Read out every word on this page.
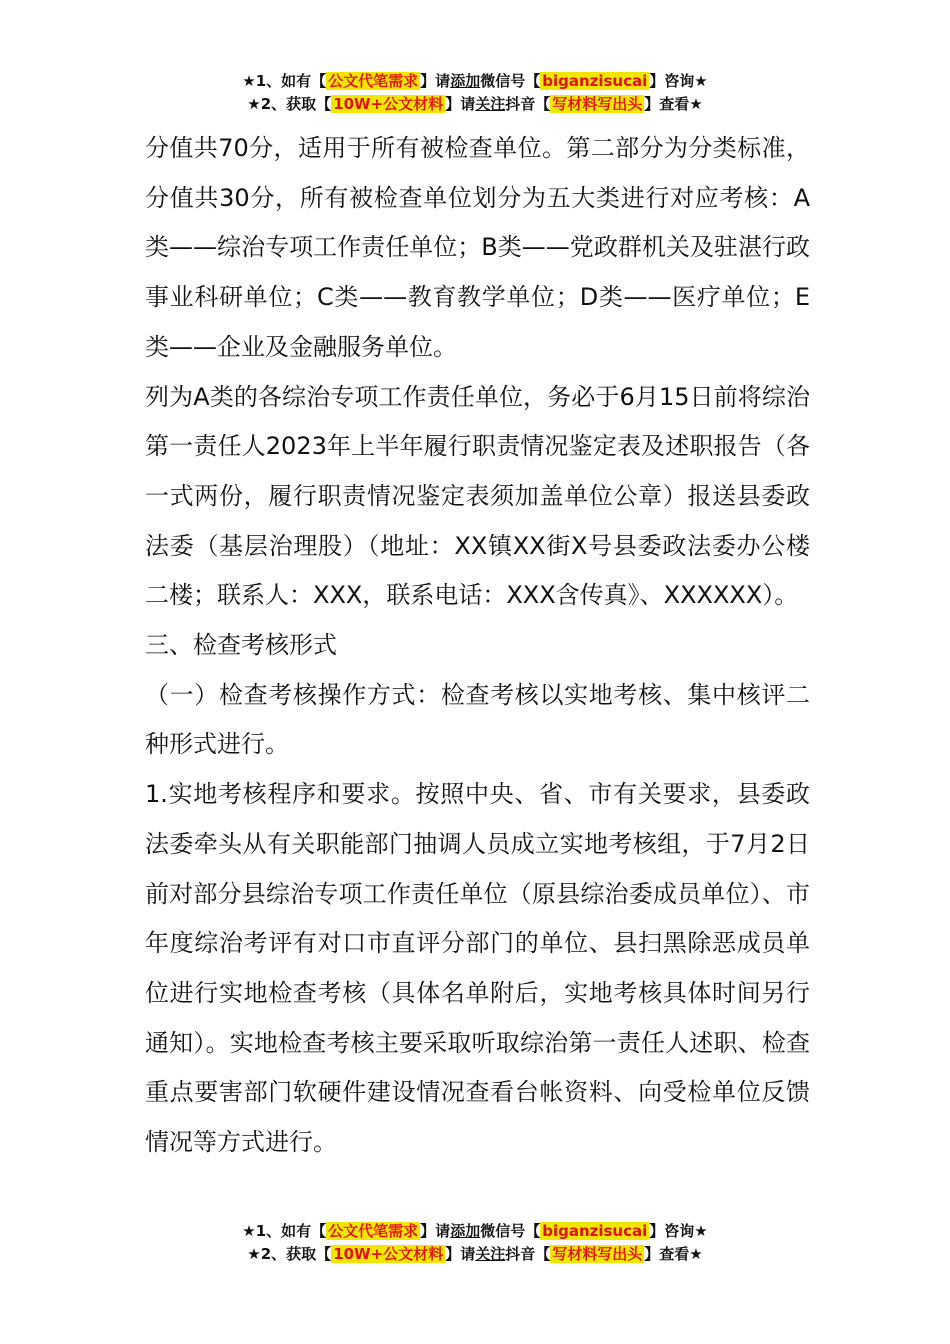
★1、如有【 公文代笔需求 】请添加微信号【 biganzisucai 】咨询★
★2、获取【 10W+公文材料 】请关注抖音【 写材料写出头 】查看★

分值共70分，适用于所有被检查单位。第二部分为分类标准，分值共30分，所有被检查单位划分为五大类进行对应考核：A类——综治专项工作责任单位；B类——党政群机关及驻湛行政事业科研单位；C类——教育教学单位；D类——医疗单位；E类——企业及金融服务单位。

列为A类的各综治专项工作责任单位，务必于6月15日前将综治第一责任人2023年上半年履行职责情况鉴定表及述职报告（各一式两份，履行职责情况鉴定表须加盖单位公章）报送县委政法委（基层治理股）（地址：XX镇XX街X号县委政法委办公楼二楼；联系人：XXX，联系电话：XXX含传真》、XXXXXX）。

三、检查考核形式

（一）检查考核操作方式：检查考核以实地考核、集中核评二种形式进行。

1.实地考核程序和要求。按照中央、省、市有关要求，县委政法委牵头从有关职能部门抽调人员成立实地考核组，于7月2日前对部分县综治专项工作责任单位（原县综治委成员单位）、市年度综治考评有对口市直评分部门的单位、县扫黑除恶成员单位进行实地检查考核（具体名单附后，实地考核具体时间另行通知）。实地检查考核主要采取听取综治第一责任人述职、检查重点要害部门软硬件建设情况查看台帐资料、向受检单位反馈情况等方式进行。

★1、如有【 公文代笔需求 】请添加微信号【 biganzisucai 】咨询★
★2、获取【 10W+公文材料 】请关注抖音【 写材料写出头 】查看★
